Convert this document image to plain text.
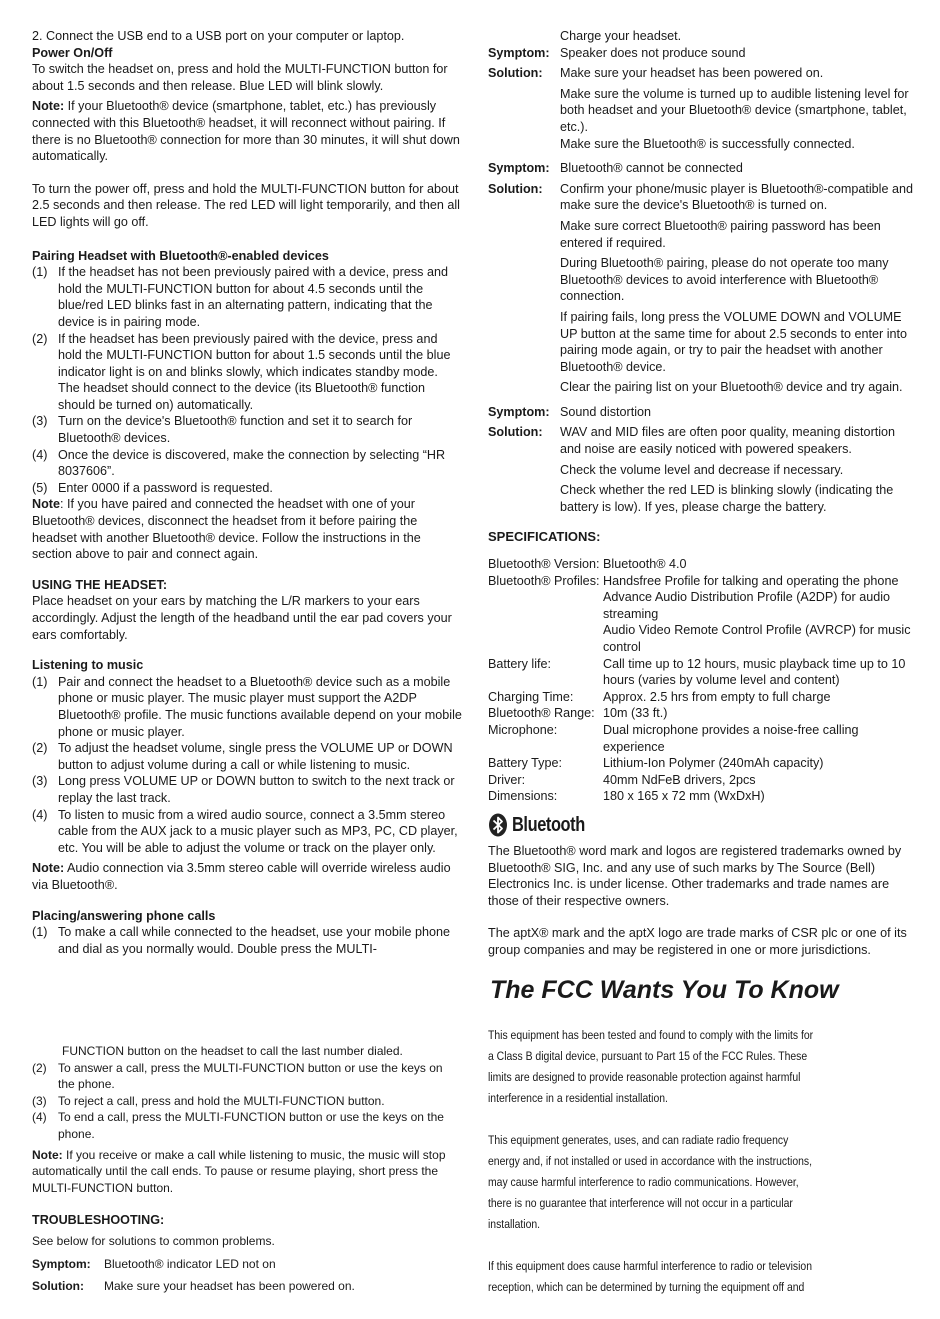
2. Connect the USB end to a USB port on your computer or laptop.

Power On/Off

To switch the headset on, press and hold the MULTI-FUNCTION button for about 1.5 seconds and then release. Blue LED will blink slowly.

Note: If your Bluetooth® device (smartphone, tablet, etc.) has previously connected with this Bluetooth® headset, it will reconnect without pairing. If there is no Bluetooth® connection for more than 30 minutes, it will shut down automatically.

To turn the power off, press and hold the MULTI-FUNCTION button for about 2.5 seconds and then release. The red LED will light temporarily, and then all LED lights will go off.

Pairing Headset with Bluetooth®-enabled devices

(1) If the headset has not been previously paired with a device, press and hold the MULTI-FUNCTION button for about 4.5 seconds until the blue/red LED blinks fast in an alternating pattern, indicating that the device is in pairing mode.
(2) If the headset has been previously paired with the device, press and hold the MULTI-FUNCTION button for about 1.5 seconds until the blue indicator light is on and blinks slowly, which indicates standby mode. The headset should connect to the device (its Bluetooth® function should be turned on) automatically.
(3) Turn on the device's Bluetooth® function and set it to search for Bluetooth® devices.
(4) Once the device is discovered, make the connection by selecting “HR 8037606”.
(5) Enter 0000 if a password is requested.

Note: If you have paired and connected the headset with one of your Bluetooth® devices, disconnect the headset from it before pairing the headset with another Bluetooth® device. Follow the instructions in the section above to pair and connect again.

USING THE HEADSET:

Place headset on your ears by matching the L/R markers to your ears accordingly. Adjust the length of the headband until the ear pad covers your ears comfortably.

Listening to music

(1) Pair and connect the headset to a Bluetooth® device such as a mobile phone or music player. The music player must support the A2DP Bluetooth® profile. The music functions available depend on your mobile phone or music player.
(2) To adjust the headset volume, single press the VOLUME UP or DOWN button to adjust volume during a call or while listening to music.
(3) Long press VOLUME UP or DOWN button to switch to the next track or replay the last track.
(4) To listen to music from a wired audio source, connect a 3.5mm stereo cable from the AUX jack to a music player such as MP3, PC, CD player, etc. You will be able to adjust the volume or track on the player only.

Note: Audio connection via 3.5mm stereo cable will override wireless audio via Bluetooth®.

Placing/answering phone calls

(1) To make a call while connected to the headset, use your mobile phone and dial as you normally would. Double press the MULTI-

FUNCTION button on the headset to call the last number dialed.

(2) To answer a call, press the MULTI-FUNCTION button or use the keys on the phone.
(3) To reject a call, press and hold the MULTI-FUNCTION button.
(4) To end a call, press the MULTI-FUNCTION button or use the keys on the phone.

Note: If you receive or make a call while listening to music, the music will stop automatically until the call ends. To pause or resume playing, short press the MULTI-FUNCTION button.

TROUBLESHOOTING:

See below for solutions to common problems.

Symptom:	Bluetooth® indicator LED not on
Solution:	Make sure your headset has been powered on.

Charge your headset.

Symptom: Speaker does not produce sound
Solution:	Make sure your headset has been powered on.

Make sure the volume is turned up to audible listening level for both headset and your Bluetooth® device (smartphone, tablet, etc.).

Make sure the Bluetooth® is successfully connected.

Symptom: Bluetooth® cannot be connected
Solution:	Confirm your phone/music player is Bluetooth®-compatible and make sure the device's Bluetooth® is turned on.

Make sure correct Bluetooth® pairing password has been entered if required.

During Bluetooth® pairing, please do not operate too many Bluetooth® devices to avoid interference with Bluetooth® connection.

If pairing fails, long press the VOLUME DOWN and VOLUME UP button at the same time for about 2.5 seconds to enter into pairing mode again, or try to pair the headset with another Bluetooth® device.

Clear the pairing list on your Bluetooth® device and try again.

Symptom: Sound distortion
Solution:	WAV and MID files are often poor quality, meaning distortion and noise are easily noticed with powered speakers.

Check the volume level and decrease if necessary.

Check whether the red LED is blinking slowly (indicating the battery is low). If yes, please charge the battery.

SPECIFICATIONS:

Bluetooth® Version: Bluetooth® 4.0
Bluetooth® Profiles: Handsfree Profile for talking and operating the phone
Advance Audio Distribution Profile (A2DP) for audio streaming
Audio Video Remote Control Profile (AVRCP) for music control
Battery life:	Call time up to 12 hours, music playback time up to 10 hours (varies by volume level and content)
Charging Time:	Approx. 2.5 hrs from empty to full charge
Bluetooth® Range: 10m (33 ft.)
Microphone:	Dual microphone provides a noise-free calling experience
Battery Type:	Lithium-Ion Polymer (240mAh capacity)
Driver:	40mm NdFeB drivers, 2pcs
Dimensions:	180 x 165 x 72 mm (WxDxH)
Bluetooth

The Bluetooth® word mark and logos are registered trademarks owned by Bluetooth® SIG, Inc. and any use of such marks by The Source (Bell) Electronics Inc. is under license. Other trademarks and trade names are those of their respective owners.

The aptX® mark and the aptX logo are trade marks of CSR plc or one of its group companies and may be registered in one or more jurisdictions.

The FCC Wants You To Know

This equipment has been tested and found to comply with the limits for a Class B digital device, pursuant to Part 15 of the FCC Rules. These limits are designed to provide reasonable protection against harmful interference in a residential installation.

This equipment generates, uses, and can radiate radio frequency energy and, if not installed or used in accordance with the instructions, may cause harmful interference to radio communications. However, there is no guarantee that interference will not occur in a particular installation.

If this equipment does cause harmful interference to radio or television reception, which can be determined by turning the equipment off and
